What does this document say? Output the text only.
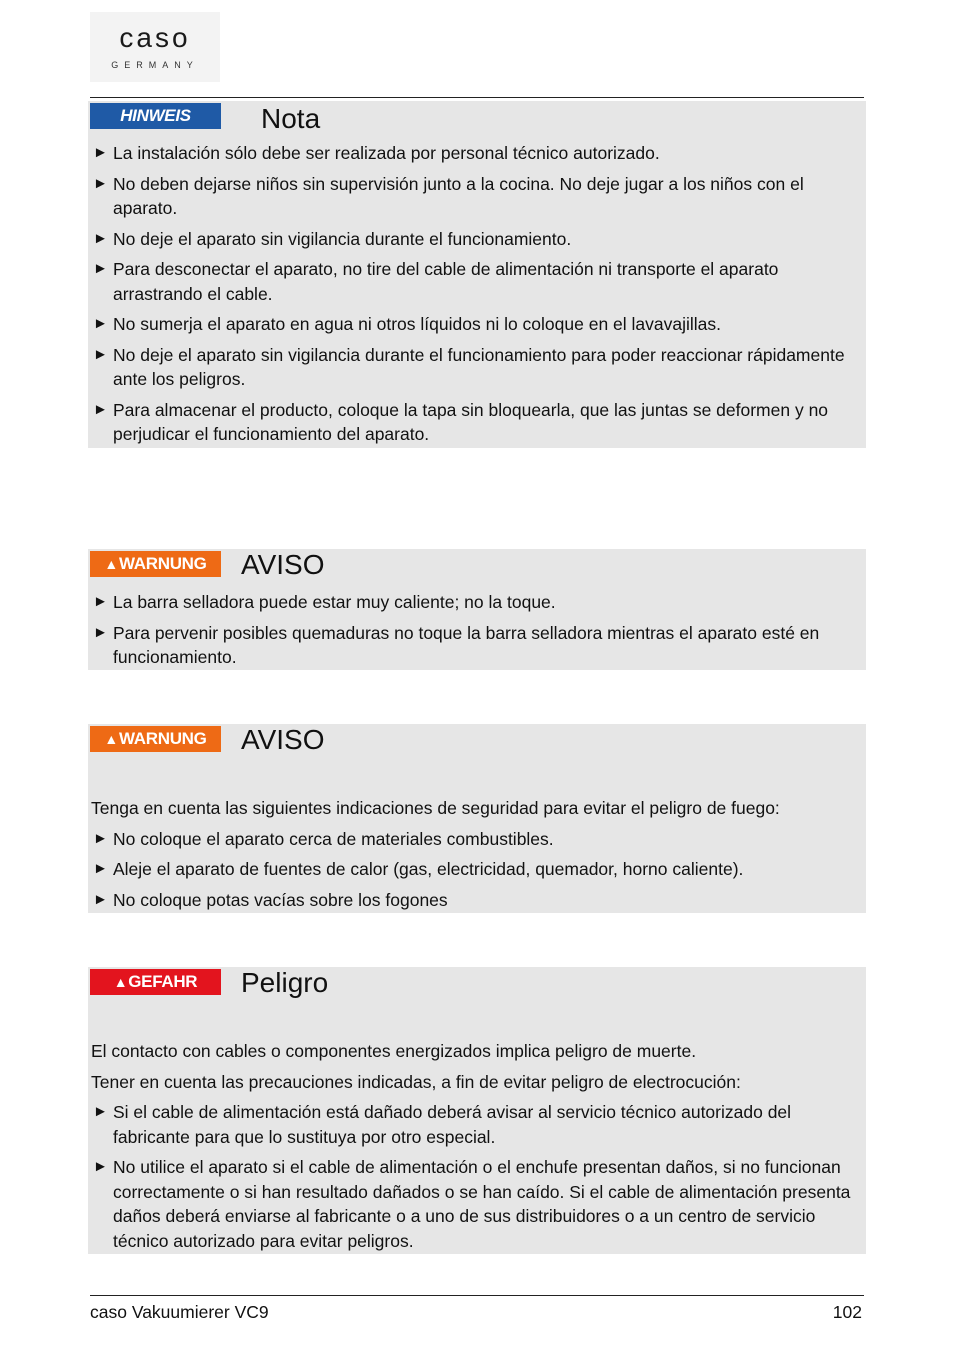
caso
GERMANY
HINWEIS	Nota
► La instalación sólo debe ser realizada por personal técnico autorizado.
► No deben dejarse niños sin supervisión junto a la cocina. No deje jugar a los niños con el aparato.
► No deje el aparato sin vigilancia durante el funcionamiento.
► Para desconectar el aparato, no tire del cable de alimentación ni transporte el aparato arrastrando el cable.
► No sumerja el aparato en agua ni otros líquidos ni lo coloque en el lavavajillas.
► No deje el aparato sin vigilancia durante el funcionamiento para poder reaccionar rápidamente ante los peligros.
► Para almacenar el producto, coloque la tapa sin bloquearla, que las juntas se deformen y no perjudicar el funcionamiento del aparato.
▲WARNUNG	AVISO
► La barra selladora puede estar muy caliente; no la toque.
► Para pervenir posibles quemaduras no toque la barra selladora mientras el aparato esté en funcionamiento.
▲WARNUNG	AVISO

Tenga en cuenta las siguientes indicaciones de seguridad para evitar el peligro de fuego:

► No coloque el aparato cerca de materiales combustibles.
► Aleje el aparato de fuentes de calor (gas, electricidad, quemador, horno caliente).
► No coloque potas vacías sobre los fogones
▲GEFAHR	Peligro

El contacto con cables o componentes energizados implica peligro de muerte.

Tener en cuenta las precauciones indicadas, a fin de evitar peligro de electrocución:

► Si el cable de alimentación está dañado deberá avisar al servicio técnico autorizado del fabricante para que lo sustituya por otro especial.
► No utilice el aparato si el cable de alimentación o el enchufe presentan daños, si no funcionan correctamente o si han resultado dañados o se han caído. Si el cable de alimentación presenta daños deberá enviarse al fabricante o a uno de sus distribuidores o a un centro de servicio técnico autorizado para evitar peligros.
caso Vakuumierer VC9	102
